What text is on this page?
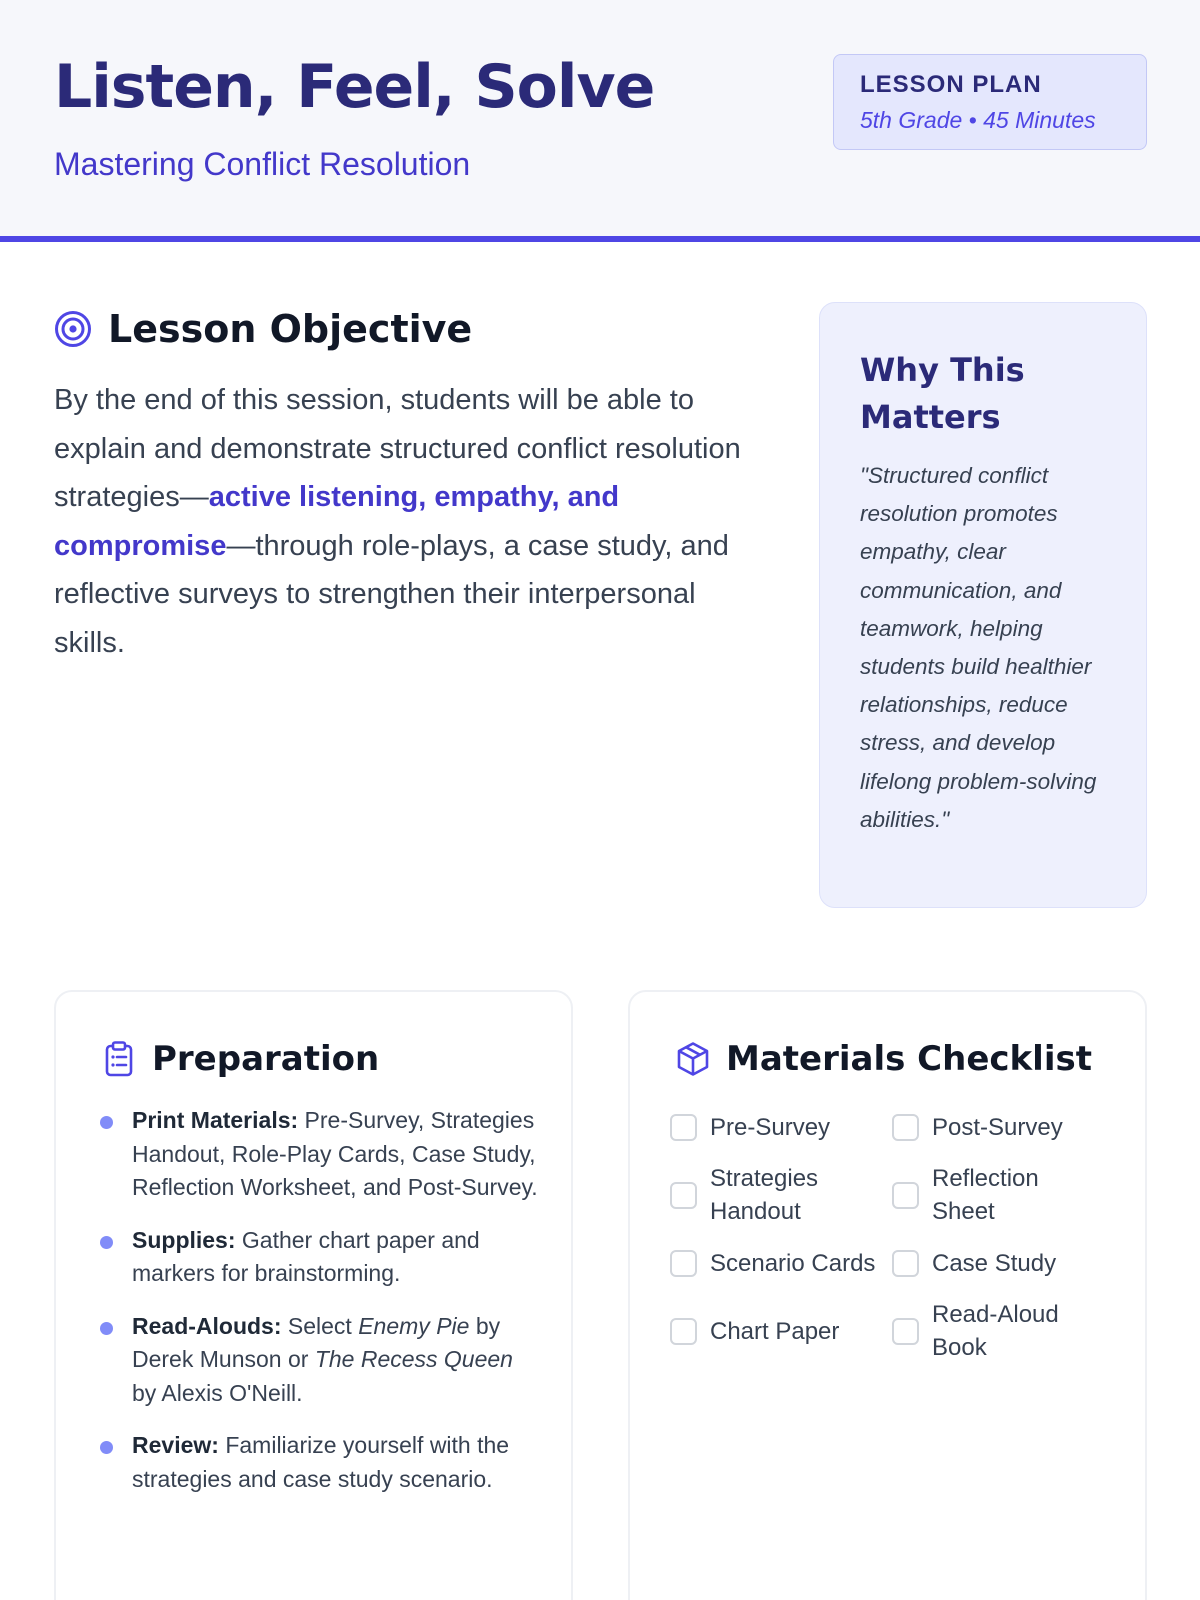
Listen, Feel, Solve
Mastering Conflict Resolution
LESSON PLAN
5th Grade • 45 Minutes
Lesson Objective

By the end of this session, students will be able to explain and demonstrate structured conflict resolution strategies—active listening, empathy, and compromise—through role-plays, a case study, and reflective surveys to strengthen their interpersonal skills.

Why This Matters

"Structured conflict resolution promotes empathy, clear communication, and teamwork, helping students build healthier relationships, reduce stress, and develop lifelong problem-solving abilities."

Preparation
Print Materials: Pre-Survey, Strategies Handout, Role-Play Cards, Case Study, Reflection Worksheet, and Post-Survey.
Supplies: Gather chart paper and markers for brainstorming.
Read-Alouds: Select Enemy Pie by Derek Munson or The Recess Queen by Alexis O'Neill.
Review: Familiarize yourself with the strategies and case study scenario.
Materials Checklist
Pre-Survey	Post-Survey
Strategies Handout
Reflection Sheet
Scenario Cards Case Study
Chart Paper
Read-Aloud Book
